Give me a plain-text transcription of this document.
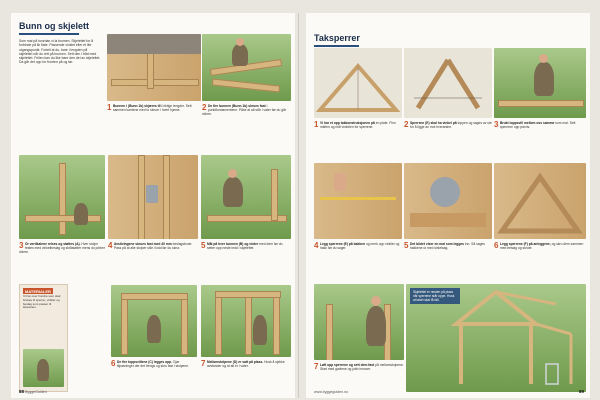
Bunn og skjelett
Som mal på hvordan vi la bunnen. Skjelettet for å forbinde på lik flate. Passende vinklet eller et lite utgangspunkt. Fortell at du, bare i lengden på skjelettet når du rett på bunnen. Sett den i tråd med skjelettet. Feilen kan du like bare den del av skjelettet. Da går det opp for fronten på og før.
1 Bunnen i (Bunn 1b) skjæres til i riktige lengder. Sett sammen kantene med to skruer i hvert hjørne.	2 De fire bunnen (Bunn 1b) skrues fast i punktfundamentene. Påse at alt står i vater før du går videre.
3 Ôr vertikalene reises og støttes (A). Hver stolpe festes med vinkelbeslag og skråstøtter mens du jobber videre.
4 Avstivingene skrues fast med 40 mm beslagskruer. Pass på at alle stolper står i lodd før du skrur.	5 Mål på hver bunnen (B) og vinter med dem før du setter opp neste ledd i skjelettet.
MATERIALER
Vi har over hundre som skal brukes til sperrer, vinkler og beslag som passer til lekestuen.
6 De fire toppsvillene (C) legges opp. Gjør tilpasninger der det trengs og skru fast i stolpene.	7 Mellomstolpene (D) er satt på plass. Husk å sjekke avstander og at alt er i vater.
88 ByggeGuiden
Taksperrer
1 Vi har et opp takkonstruksjonen på en plate. Finn midten og mål vinkelen for sperrene.	2 Sperrene (E) skal ha vinkel på toppen og sages av ute for å ligge an mot hverandre.	3 Brukt toppsvill mellom oss samme som mal. Sett sperrene opp parvis.
4 Legg sperrene (E) på bakken og merk opp vinkler og hakk før du sager.	5 Det bildet viser en mal som legges inn. Så sages hakkene ut med sirkelsag.	6 Legg sperrene (F) på anleggene, og skru dem sammen med beslag og skruer.
Skjelettet er nesten på plass når sperrene står oppe. Husk at taket skal få fall.
7 Løft opp sperrene og sett dem fast på mellomstolpene. Start med gavlene og jobb innover.
www.byggeguiden.no	89
